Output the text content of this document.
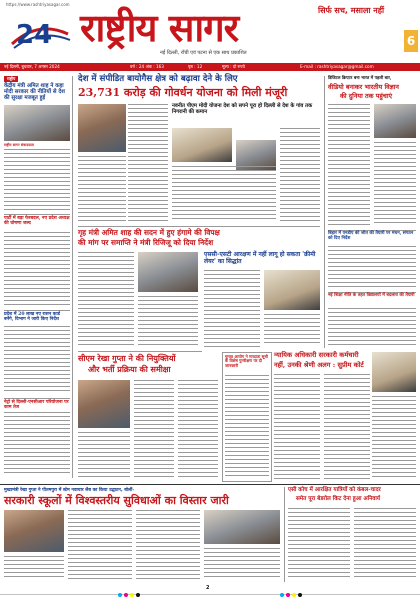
https://www.rashtriyasagar.com
24 राष्ट्रीय सागर	सिर्फ सच, मसाला नहीं
नई दिल्ली, राँची एवं पटना से एक साथ प्रकाशित
6
नई दिल्ली, बुधवार, 7 अगस्त 2024	वर्ष : 24 अंक : 163	पृष्ठ : 12	मूल्य : दो रुपये	E-mail : rashtriyasagar@gmail.com
राष्ट्रीय
केंद्रीय मंत्री अमित शाह ने कहा मोदी सरकार की नीतियों से देश की सुरक्षा मजबूत हुई
राष्ट्रीय सागर संवाददाता
पार्टी में बड़ा फेरबदल, नए प्रदेश अध्यक्ष की घोषणा जल्द
प्रदेश में 20 लाख नए राशन कार्ड बनेंगे, विभाग ने जारी किए निर्देश
नेट्रो से दिल्ली-एनसीआर परियोजना पर काम तेज
देश में संपीडित बायोगैस क्षेत्र को बढ़ावा देने के लिए
23,731 करोड़ की गोवर्धन योजना को मिली मंजूरी
नवनीत पीएम मोदी योजना देश को सपने पूरा हो दिल्ली से देश के गांव तक निगरानी की कमान
गृह मंत्री अमित शाह की सदन में हुए हंगामे की विपक्ष
की मांग पर समाप्ति ने मंत्री रिजिजू को दिया निर्देश
एससी-एसटी आरक्षण में नहीं लागू हो सकता 'क्रीमी लेयर' का सिद्धांत
सीएम रेखा गुप्ता ने की नियुक्तियों
और भर्ती प्रक्रिया की समीक्षा
चुनाव आयोग ने मतदाता सूची के विशेष पुनरीक्षण पर दी जानकारी
न्यायिक अधिकारी सरकारी कर्मचारी
नहीं, उनकी श्रेणी अलग : सुप्रीम कोर्ट
डिजिटल क्रिएटर बना भारत में पहली बार,
वीडियो बनाकर भारतीय विज्ञान
की दुनिया तक पहुंचाएं
बिहार में एनडीए की जीत की तैयारी पर मंथन, संगठन को दिए निर्देश
नई शिक्षा नीति के तहत विद्यालयों में बदलाव की तैयारी
मुख्यमंत्री रेखा गुप्ता ने पीतमपुरा में स्टेम नवाचार लैब का किया उद्घाटन, बोलीं-
सरकारी स्कूलों में विश्वस्तरीय सुविधाओं का विस्तार जारी
एसी कोच में आरक्षित यात्रियों को कंबल-चादर
समेत पूरा बेडरोल किट देना हुआ अनिवार्य
2
